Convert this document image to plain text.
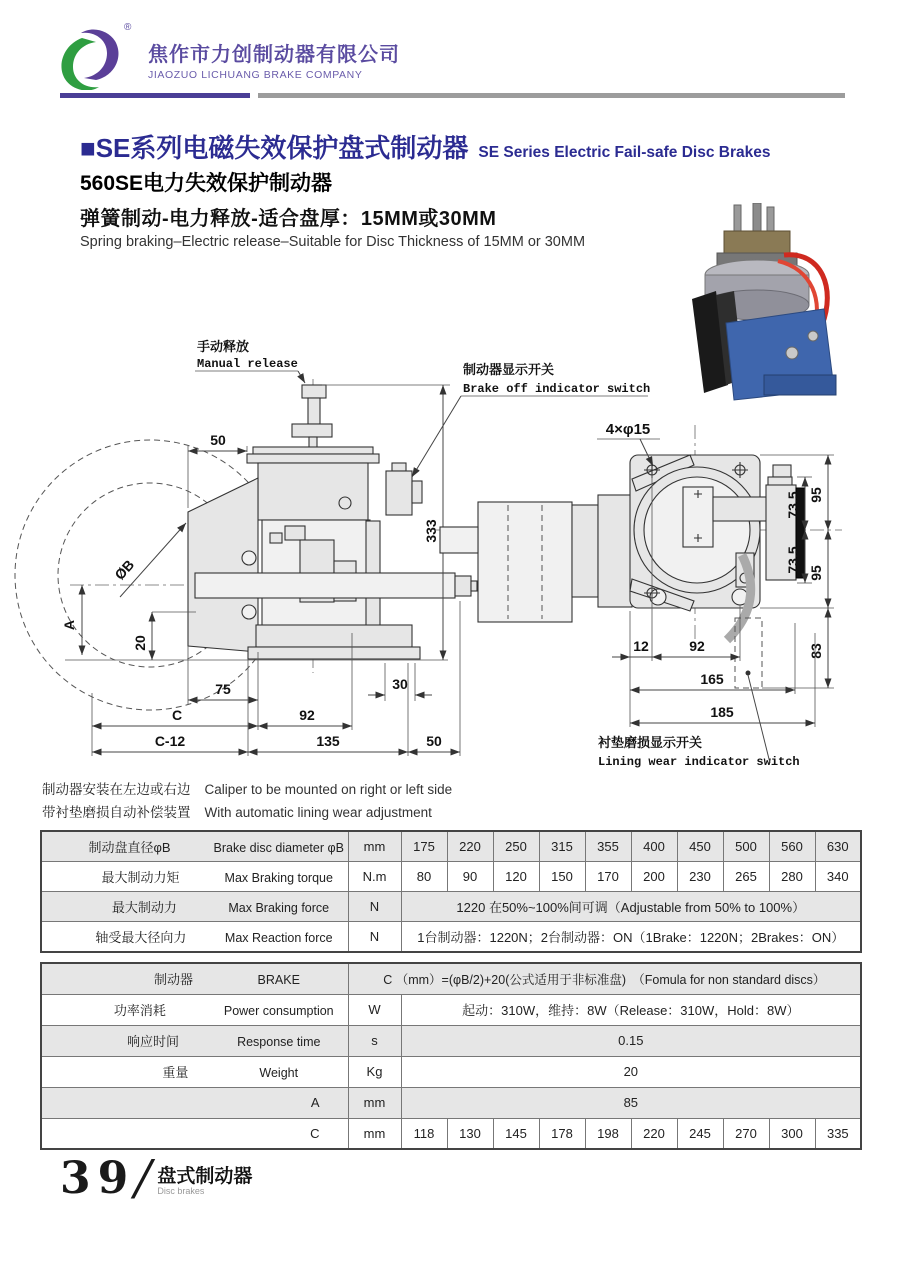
®
焦作市力创制动器有限公司
JIAOZUO LICHUANG BRAKE COMPANY
■SE系列电磁失效保护盘式制动器 SE Series Electric Fail-safe Disc Brakes
560SE电力失效保护制动器
弹簧制动-电力释放-适合盘厚：15MM或30MM
Spring braking–Electric release–Suitable for Disc Thickness of 15MM or 30MM
手动释放
Manual release	制动器显示开关
Brake off indicator switch
50
ØB
A
20
333
30
75
C	92
C-12	135	50
4×φ15
衬垫磨损显示开关
Lining wear indicator switch
73.5
73.5
95
95
83
12	92
165
185
制动器安装在左边或右边 Caliper to be mounted on right or left side
带衬垫磨损自动补偿装置 With automatic lining wear adjustment
制动盘直径φB Brake disc diameter φB	mm	175	220	250	315	355	400	450	500	560	630
最大制动力矩 Max Braking torque	N.m	80	90	120	150	170	200	230	265	280	340
最大制动力 Max Braking force	N	1220 在50%~100%间可调（Adjustable from 50% to 100%）									
轴受最大径向力 Max Reaction force	N	1台制动器：1220N；2台制动器：ON（1Brake：1220N；2Brakes：ON）									
制动器 BRAKE	C （mm）=(φB/2)+20(公式适用于非标准盘)　（Fomula for non standard discs）										
功率消耗 Power consumption	W	起动：310W，维持：8W（Release：310W，Hold：8W）									
响应时间 Response time	s	0.15									
重量 Weight	Kg	20									
A	mm	85									
C	mm	118	130	145	178	198	220	245	270	300	335
39
/ 盘式制动器
Disc brakes
